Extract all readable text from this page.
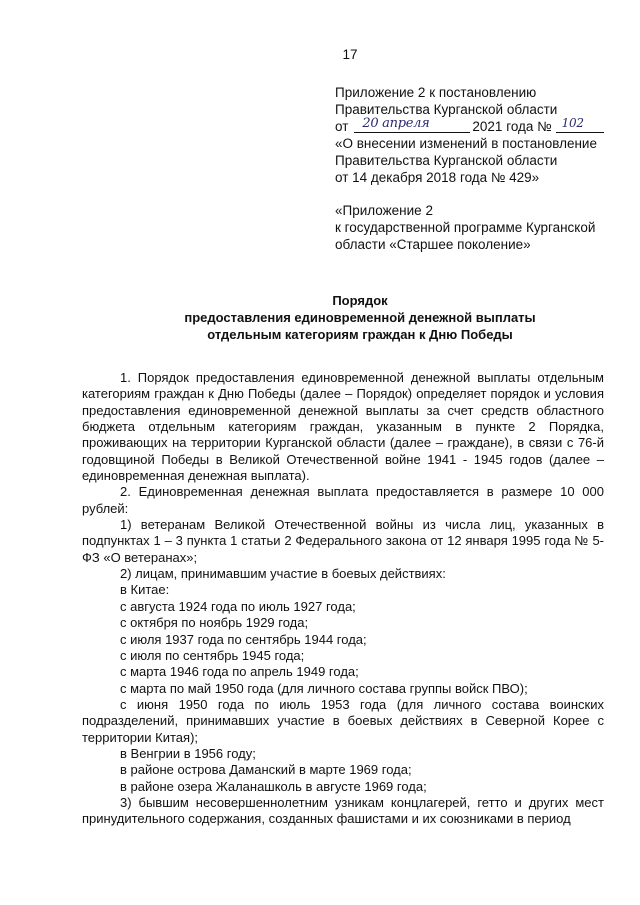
17
Приложение 2 к постановлению
Правительства Курганской области
от 20 апреля	2021 года № 102
«О внесении изменений в постановление
Правительства Курганской области
от 14 декабря 2018 года № 429»
«Приложение 2
к государственной программе Курганской
области «Старшее поколение»
Порядок
предоставления единовременной денежной выплаты
отдельным категориям граждан к Дню Победы

1. Порядок предоставления единовременной денежной выплаты отдельным категориям граждан к Дню Победы (далее – Порядок) определяет порядок и условия предоставления единовременной денежной выплаты за счет средств областного бюджета отдельным категориям граждан, указанным в пункте 2 Порядка, проживающих на территории Курганской области (далее – граждане), в связи с 76-й годовщиной Победы в Великой Отечественной войне 1941 - 1945 годов (далее – единовременная денежная выплата).

2. Единовременная денежная выплата предоставляется в размере 10 000 рублей:

1) ветеранам Великой Отечественной войны из числа лиц, указанных в подпунктах 1 – 3 пункта 1 статьи 2 Федерального закона от 12 января 1995 года № 5-ФЗ «О ветеранах»;

2) лицам, принимавшим участие в боевых действиях:

в Китае:

с августа 1924 года по июль 1927 года;

с октября по ноябрь 1929 года;

с июля 1937 года по сентябрь 1944 года;

с июля по сентябрь 1945 года;

с марта 1946 года по апрель 1949 года;

с марта по май 1950 года (для личного состава группы войск ПВО);

с июня 1950 года по июль 1953 года (для личного состава воинских подразделений, принимавших участие в боевых действиях в Северной Корее с территории Китая);

в Венгрии в 1956 году;

в районе острова Даманский в марте 1969 года;

в районе озера Жаланашколь в августе 1969 года;

3) бывшим несовершеннолетним узникам концлагерей, гетто и других мест принудительного содержания, созданных фашистами и их союзниками в период
